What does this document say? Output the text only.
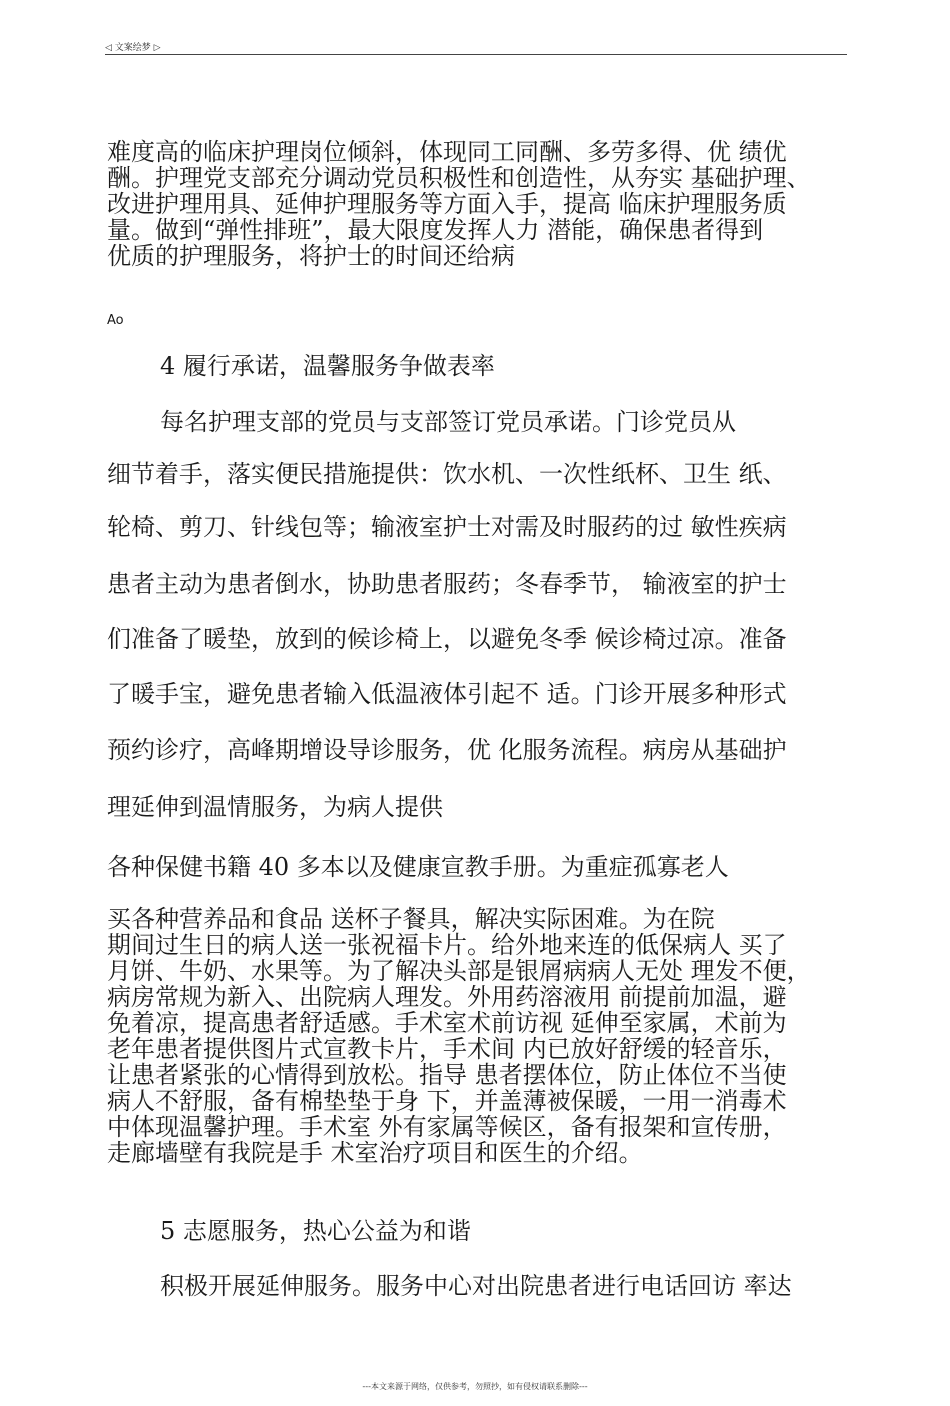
◁ 文案绘梦 ▷
难度高的临床护理岗位倾斜，体现同工同酬、多劳多得、优 绩优
酬。护理党支部充分调动党员积极性和创造性，从夯实 基础护理、
改进护理用具、延伸护理服务等方面入手，提高 临床护理服务质
量。做到“弹性排班”，最大限度发挥人力 潜能，确保患者得到
优质的护理服务，将护士的时间还给病
Ao
4 履行承诺，温馨服务争做表率
每名护理支部的党员与支部签订党员承诺。门诊党员从
细节着手，落实便民措施提供：饮水机、一次性纸杯、卫生 纸、
轮椅、剪刀、针线包等；输液室护士对需及时服药的过 敏性疾病
患者主动为患者倒水，协助患者服药；冬春季节， 输液室的护士
们准备了暖垫，放到的候诊椅上，以避免冬季 候诊椅过凉。准备
了暖手宝，避免患者输入低温液体引起不 适。门诊开展多种形式
预约诊疗，高峰期增设导诊服务，优 化服务流程。病房从基础护
理延伸到温情服务，为病人提供
各种保健书籍 40 多本以及健康宣教手册。为重症孤寡老人
买各种营养品和食品 送杯子餐具，解决实际困难。为在院
期间过生日的病人送一张祝福卡片。给外地来连的低保病人 买了
月饼、牛奶、水果等。为了解决头部是银屑病病人无处 理发不便，
病房常规为新入、出院病人理发。外用药溶液用 前提前加温，避
免着凉，提高患者舒适感。手术室术前访视 延伸至家属，术前为
老年患者提供图片式宣教卡片，手术间 内已放好舒缓的轻音乐，
让患者紧张的心情得到放松。指导 患者摆体位，防止体位不当使
病人不舒服，备有棉垫垫于身 下，并盖薄被保暖，一用一消毒术
中体现温馨护理。手术室 外有家属等候区，备有报架和宣传册，
走廊墙壁有我院是手 术室治疗项目和医生的介绍。
5 志愿服务，热心公益为和谐
积极开展延伸服务。服务中心对出院患者进行电话回访 率达
---本文来源于网络，仅供参考，勿照抄，如有侵权请联系删除---
